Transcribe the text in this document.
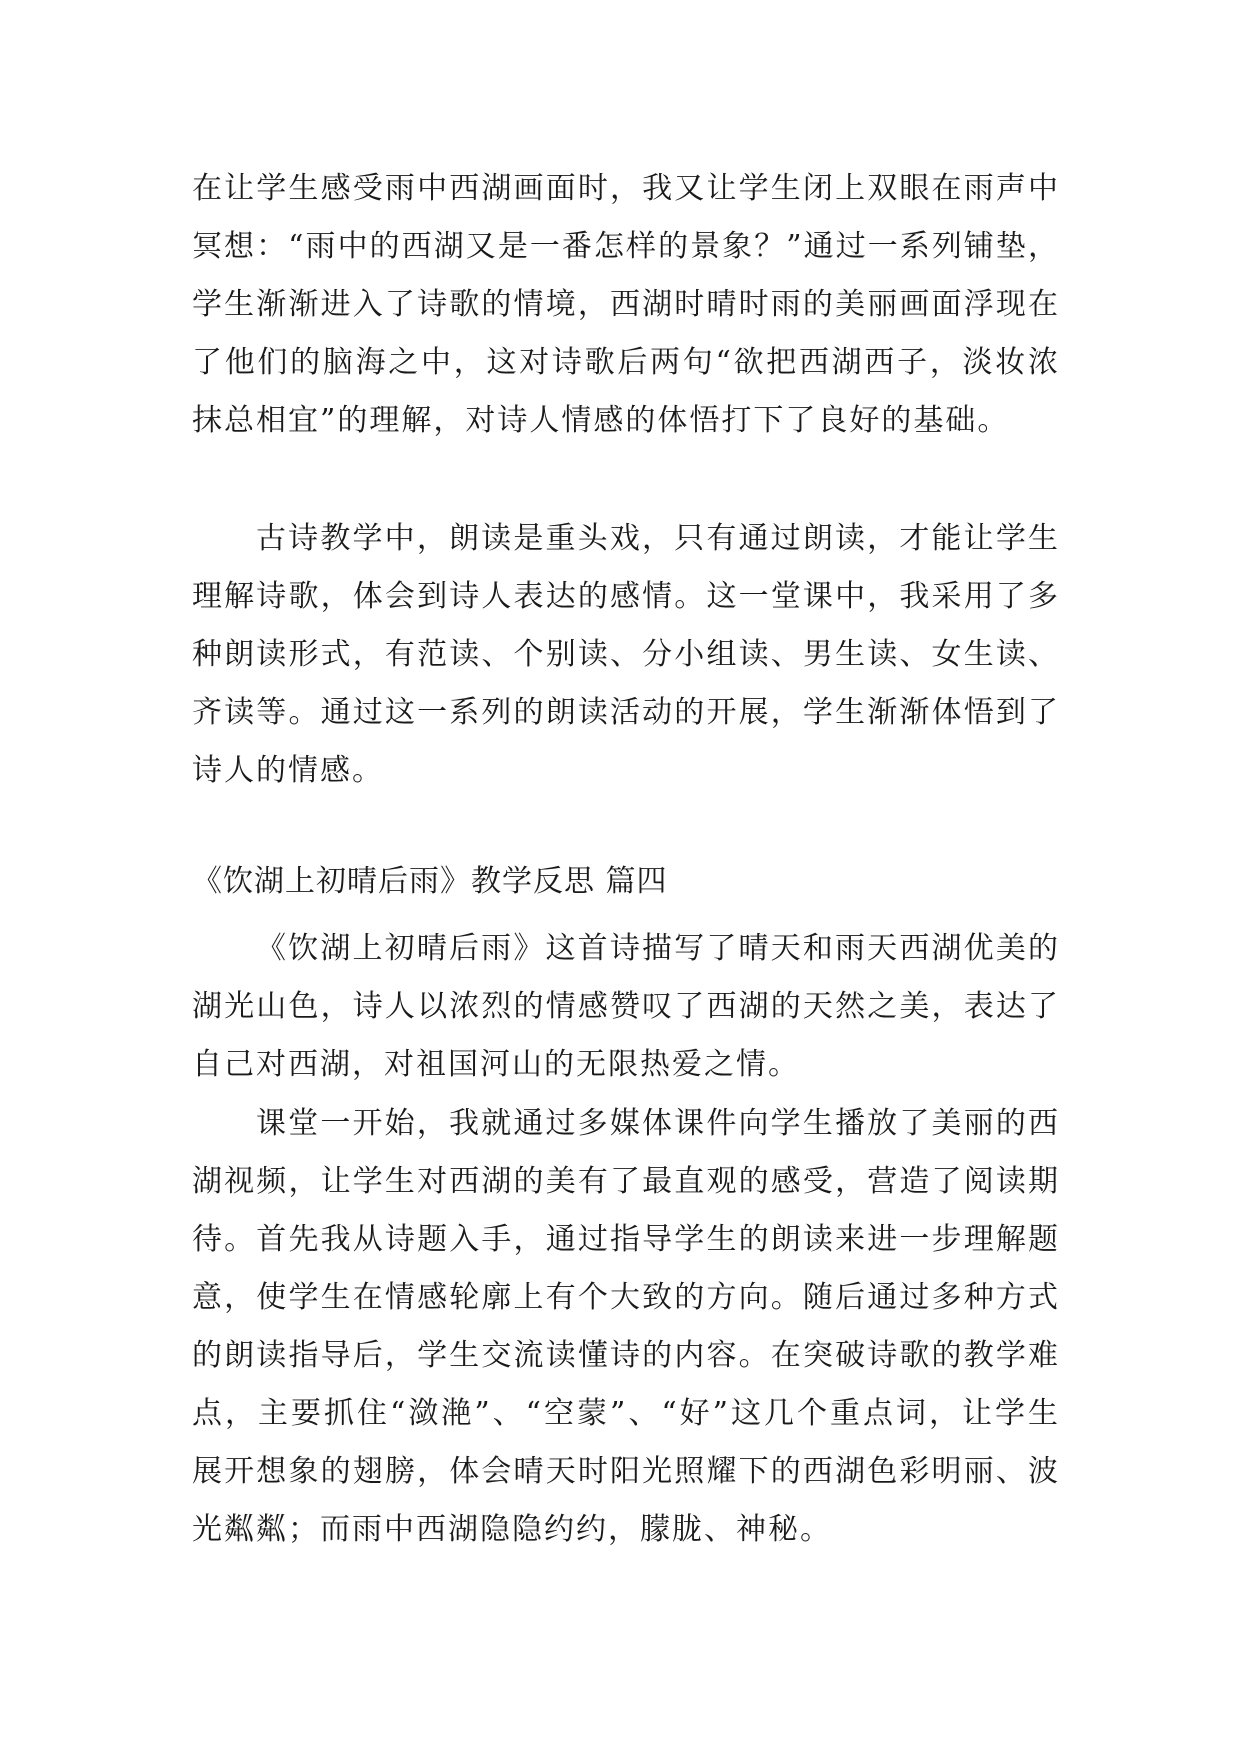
在让学生感受雨中西湖画面时，我又让学生闭上双眼在雨声中冥想：“雨中的西湖又是一番怎样的景象？”通过一系列铺垫，学生渐渐进入了诗歌的情境，西湖时晴时雨的美丽画面浮现在了他们的脑海之中，这对诗歌后两句“欲把西湖西子，淡妆浓抹总相宜”的理解，对诗人情感的体悟打下了良好的基础。

古诗教学中，朗读是重头戏，只有通过朗读，才能让学生理解诗歌，体会到诗人表达的感情。这一堂课中，我采用了多种朗读形式，有范读、个别读、分小组读、男生读、女生读、齐读等。通过这一系列的朗读活动的开展，学生渐渐体悟到了诗人的情感。

《饮湖上初晴后雨》教学反思 篇四

《饮湖上初晴后雨》这首诗描写了晴天和雨天西湖优美的湖光山色，诗人以浓烈的情感赞叹了西湖的天然之美，表达了自己对西湖，对祖国河山的无限热爱之情。

课堂一开始，我就通过多媒体课件向学生播放了美丽的西湖视频，让学生对西湖的美有了最直观的感受，营造了阅读期待。首先我从诗题入手，通过指导学生的朗读来进一步理解题意，使学生在情感轮廓上有个大致的方向。随后通过多种方式的朗读指导后，学生交流读懂诗的内容。在突破诗歌的教学难点，主要抓住“潋滟”、“空蒙”、“好”这几个重点词，让学生展开想象的翅膀，体会晴天时阳光照耀下的西湖色彩明丽、波光粼粼；而雨中西湖隐隐约约，朦胧、神秘。
